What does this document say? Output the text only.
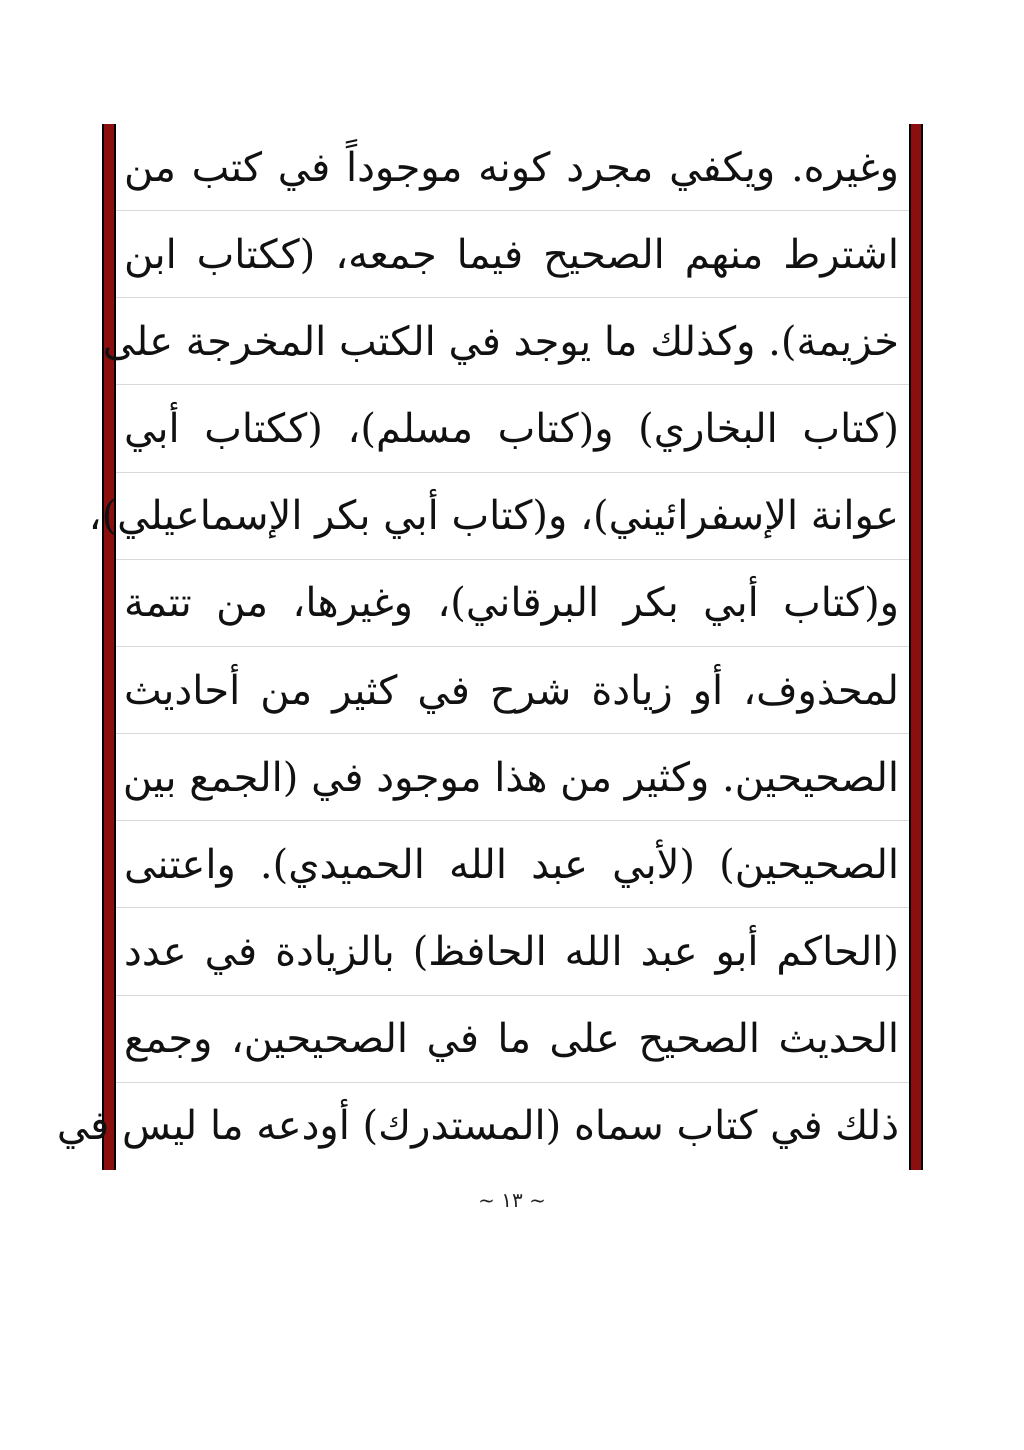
وغيره. ويكفي مجرد كونه موجوداً في كتب من
اشترط منهم الصحيح فيما جمعه، (ككتاب ابن
خزيمة). وكذلك ما يوجد في الكتب المخرجة على
(كتاب البخاري) و(كتاب مسلم)، (ككتاب أبي
عوانة الإسفرائيني)، و(كتاب أبي بكر الإسماعيلي)،
و(كتاب أبي بكر البرقاني)، وغيرها، من تتمة
لمحذوف، أو زيادة شرح في كثير من أحاديث
الصحيحين. وكثير من هذا موجود في (الجمع بين
الصحيحين) (لأبي عبد الله الحميدي). واعتنى
(الحاكم أبو عبد الله الحافظ) بالزيادة في عدد
الحديث الصحيح على ما في الصحيحين، وجمع
ذلك في كتاب سماه (المستدرك) أودعه ما ليس في
~ ١٣ ~
